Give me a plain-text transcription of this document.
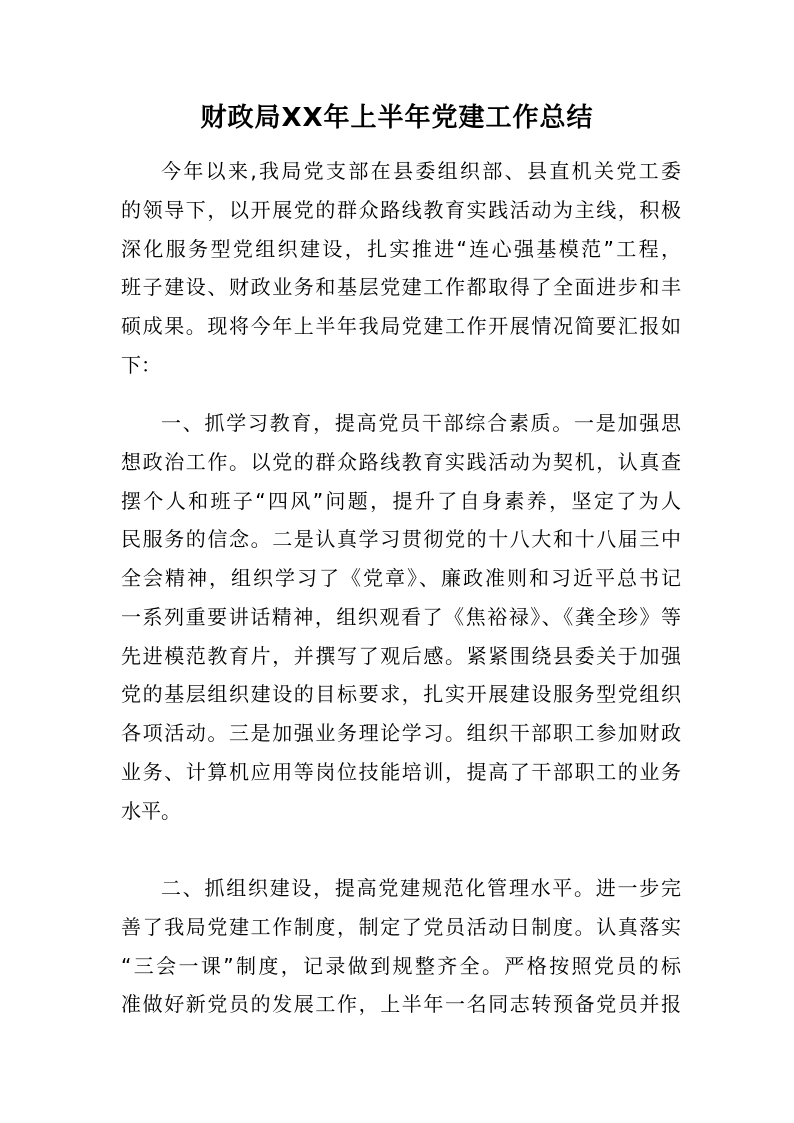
财政局XX年上半年党建工作总结
今年以来,我局党支部在县委组织部、县直机关党工委
的领导下，以开展党的群众路线教育实践活动为主线，积极
深化服务型党组织建设，扎实推进“连心强基模范”工程，
班子建设、财政业务和基层党建工作都取得了全面进步和丰
硕成果。现将今年上半年我局党建工作开展情况简要汇报如
下：
一、抓学习教育，提高党员干部综合素质。一是加强思
想政治工作。以党的群众路线教育实践活动为契机，认真查
摆个人和班子“四风”问题，提升了自身素养，坚定了为人
民服务的信念。二是认真学习贯彻党的十八大和十八届三中
全会精神，组织学习了《党章》、廉政准则和习近平总书记
一系列重要讲话精神，组织观看了《焦裕禄》、《龚全珍》等
先进模范教育片，并撰写了观后感。紧紧围绕县委关于加强
党的基层组织建设的目标要求，扎实开展建设服务型党组织
各项活动。三是加强业务理论学习。组织干部职工参加财政
业务、计算机应用等岗位技能培训，提高了干部职工的业务
水平。
二、抓组织建设，提高党建规范化管理水平。进一步完
善了我局党建工作制度，制定了党员活动日制度。认真落实
“三会一课”制度，记录做到规整齐全。严格按照党员的标
准做好新党员的发展工作，上半年一名同志转预备党员并报
